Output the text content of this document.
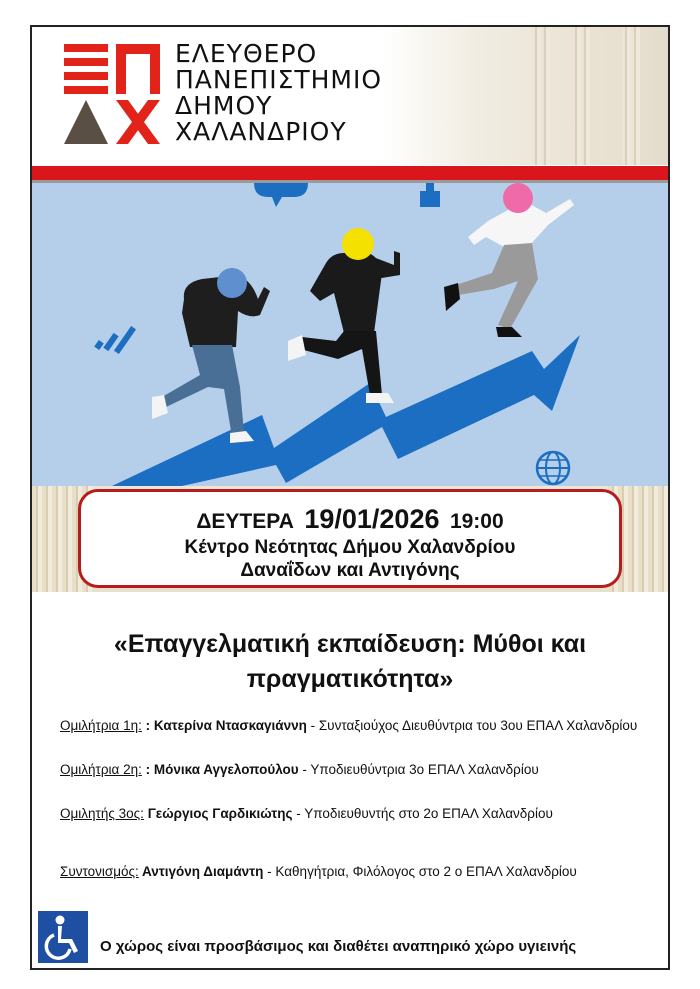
ΕΛΕΥΘΕΡΟ
ΠΑΝΕΠΙΣΤΗΜΙΟ
ΔΗΜΟΥ
ΧΑΛΑΝΔΡΙΟΥ
ΔΕΥΤΕΡΑ 19/01/2026 19:00
Κέντρο Νεότητας Δήμου Χαλανδρίου
Δαναΐδων και Αντιγόνης
«Επαγγελματική εκπαίδευση: Μύθοι και
πραγματικότητα»
Ομιλήτρια 1η: : Κατερίνα Ντασκαγιάννη - Συνταξιούχος Διευθύντρια του 3ου ΕΠΑΛ Χαλανδρίου
Ομιλήτρια 2η: : Μόνικα Αγγελοπούλου - Υποδιευθύντρια 3ο ΕΠΑΛ Χαλανδρίου
Ομιλητής 3ος: Γεώργιος Γαρδικιώτης - Υποδιευθυντής στο 2ο ΕΠΑΛ Χαλανδρίου
Συντονισμός: Αντιγόνη Διαμάντη - Καθηγήτρια, Φιλόλογος στο 2 ο ΕΠΑΛ Χαλανδρίου
Ο χώρος είναι προσβάσιμος και διαθέτει αναπηρικό χώρο υγιεινής
